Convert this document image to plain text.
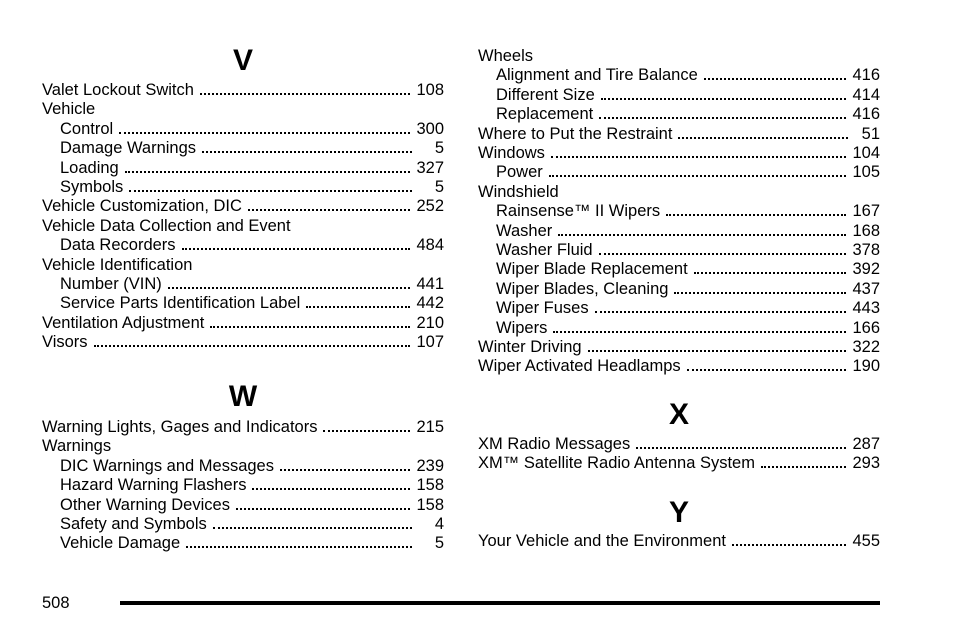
V
Valet Lockout Switch	108
Vehicle
Control	300
Damage Warnings	5
Loading	327
Symbols	5
Vehicle Customization, DIC	252
Vehicle Data Collection and Event
Data Recorders	484
Vehicle Identification
Number (VIN)	441
Service Parts Identification Label	442
Ventilation Adjustment	210
Visors	107
W
Warning Lights, Gages and Indicators	215
Warnings
DIC Warnings and Messages	239
Hazard Warning Flashers	158
Other Warning Devices	158
Safety and Symbols	4
Vehicle Damage	5
Wheels
Alignment and Tire Balance	416
Different Size	414
Replacement	416
Where to Put the Restraint	51
Windows	104
Power	105
Windshield
Rainsense™ II Wipers	167
Washer	168
Washer Fluid	378
Wiper Blade Replacement	392
Wiper Blades, Cleaning	437
Wiper Fuses	443
Wipers	166
Winter Driving	322
Wiper Activated Headlamps	190
X
XM Radio Messages	287
XM™ Satellite Radio Antenna System	293
Y
Your Vehicle and the Environment	455
508
